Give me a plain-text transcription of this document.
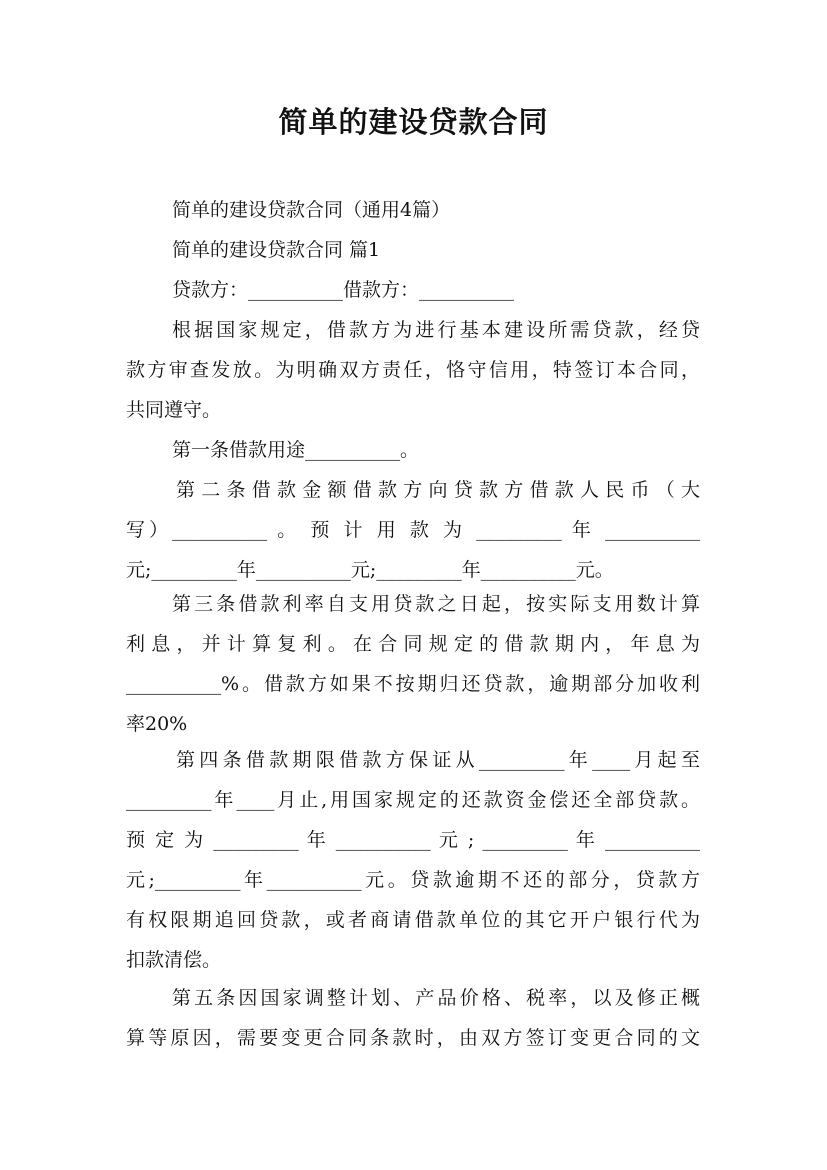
简单的建设贷款合同
简单的建设贷款合同（通用4篇）
简单的建设贷款合同 篇1
贷款方：__________借款方：__________
根据国家规定，借款方为进行基本建设所需贷款，经贷
款方审查发放。为明确双方责任，恪守信用，特签订本合同，
共同遵守。
第一条借款用途__________。
第二条借款金额借款方向贷款方借款人民币（大
写）__________ 。 预 计 用 款 为 _________ 年 __________
元;_________年__________元;_________年__________元。
第三条借款利率自支用贷款之日起，按实际支用数计算
利息，并计算复利。在合同规定的借款期内，年息为
__________%。借款方如果不按期归还贷款，逾期部分加收利
率20%
第四条借款期限借款方保证从_________年____月起至
_________年____月止,用国家规定的还款资金偿还全部贷款。
预 定 为 _________ 年 __________ 元 ; _________ 年 __________
元;_________年__________元。贷款逾期不还的部分，贷款方
有权限期追回贷款，或者商请借款单位的其它开户银行代为
扣款清偿。
第五条因国家调整计划、产品价格、税率，以及修正概
算等原因，需要变更合同条款时，由双方签订变更合同的文
